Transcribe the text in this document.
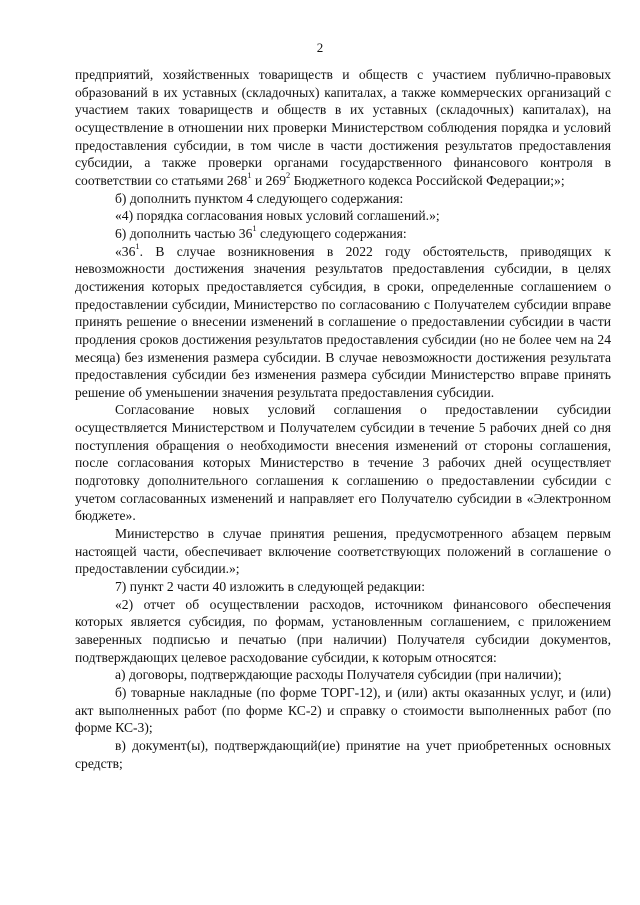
2

предприятий, хозяйственных товариществ и обществ с участием публично-правовых образований в их уставных (складочных) капиталах, а также коммерческих организаций с участием таких товариществ и обществ в их уставных (складочных) капиталах), на осуществление в отношении них проверки Министерством соблюдения порядка и условий предоставления субсидии, в том числе в части достижения результатов предоставления субсидии, а также проверки органами государственного финансового контроля в соответствии со статьями $268^1$ и $269^2$ Бюджетного кодекса Российской Федерации;»;

б) дополнить пунктом 4 следующего содержания:

«4) порядка согласования новых условий соглашений.»;

6) дополнить частью $36^1$ следующего содержания:

«$36^1$. В случае возникновения в 2022 году обстоятельств, приводящих к невозможности достижения значения результатов предоставления субсидии, в целях достижения которых предоставляется субсидия, в сроки, определенные соглашением о предоставлении субсидии, Министерство по согласованию с Получателем субсидии вправе принять решение о внесении изменений в соглашение о предоставлении субсидии в части продления сроков достижения результатов предоставления субсидии (но не более чем на 24 месяца) без изменения размера субсидии. В случае невозможности достижения результата предоставления субсидии без изменения размера субсидии Министерство вправе принять решение об уменьшении значения результата предоставления субсидии.

Согласование новых условий соглашения о предоставлении субсидии осуществляется Министерством и Получателем субсидии в течение 5 рабочих дней со дня поступления обращения о необходимости внесения изменений от стороны соглашения, после согласования которых Министерство в течение 3 рабочих дней осуществляет подготовку дополнительного соглашения к соглашению о предоставлении субсидии с учетом согласованных изменений и направляет его Получателю субсидии в «Электронном бюджете».

Министерство в случае принятия решения, предусмотренного абзацем первым настоящей части, обеспечивает включение соответствующих положений в соглашение о предоставлении субсидии.»;

7) пункт 2 части 40 изложить в следующей редакции:

«2) отчет об осуществлении расходов, источником финансового обеспечения которых является субсидия, по формам, установленным соглашением, с приложением заверенных подписью и печатью (при наличии) Получателя субсидии документов, подтверждающих целевое расходование субсидии, к которым относятся:

а) договоры, подтверждающие расходы Получателя субсидии (при наличии);

б) товарные накладные (по форме ТОРГ-12), и (или) акты оказанных услуг, и (или) акт выполненных работ (по форме КС-2) и справку о стоимости выполненных работ (по форме КС-3);

в) документ(ы), подтверждающий(ие) принятие на учет приобретенных основных средств;
